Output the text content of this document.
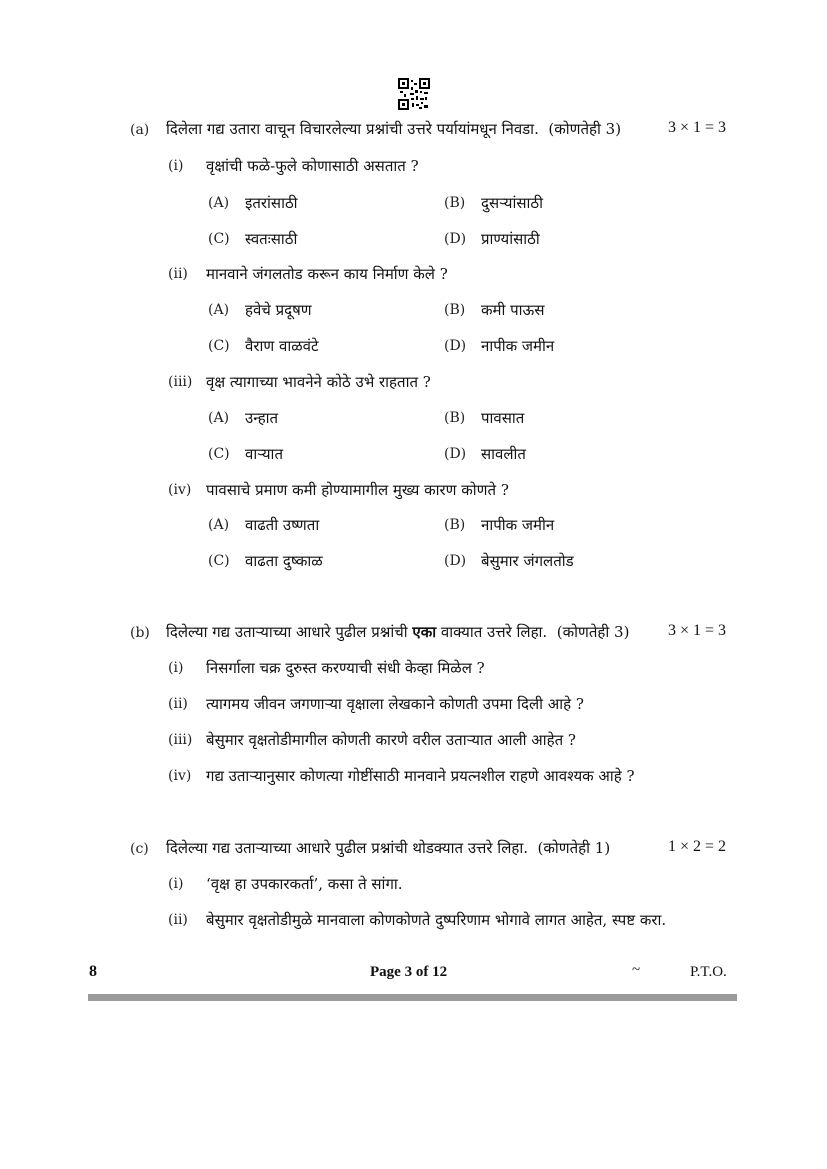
(a) दिलेला गद्य उतारा वाचून विचारलेल्या प्रश्नांची उत्तरे पर्यायांमधून निवडा. (कोणतेही 3)	3 × 1 = 3
(i) वृक्षांची फळे-फुले कोणासाठी असतात ?
(A) इतरांसाठी	(B) दुसऱ्यांसाठी
(C) स्वतःसाठी	(D) प्राण्यांसाठी
(ii) मानवाने जंगलतोड करून काय निर्माण केले ?
(A) हवेचे प्रदूषण	(B) कमी पाऊस
(C) वैराण वाळवंटे	(D) नापीक जमीन
(iii) वृक्ष त्यागाच्या भावनेने कोठे उभे राहतात ?
(A) उन्हात	(B) पावसात
(C) वाऱ्यात	(D) सावलीत
(iv) पावसाचे प्रमाण कमी होण्यामागील मुख्य कारण कोणते ?
(A) वाढती उष्णता	(B) नापीक जमीन
(C) वाढता दुष्काळ	(D) बेसुमार जंगलतोड
(b) दिलेल्या गद्य उताऱ्याच्या आधारे पुढील प्रश्नांची एका वाक्यात उत्तरे लिहा. (कोणतेही 3) 3 × 1 = 3
(i) निसर्गाला चक्र दुरुस्त करण्याची संधी केव्हा मिळेल ?
(ii) त्यागमय जीवन जगणाऱ्या वृक्षाला लेखकाने कोणती उपमा दिली आहे ?
(iii) बेसुमार वृक्षतोडीमागील कोणती कारणे वरील उताऱ्यात आली आहेत ?
(iv) गद्य उताऱ्यानुसार कोणत्या गोष्टींसाठी मानवाने प्रयत्नशील राहणे आवश्यक आहे ?
(c) दिलेल्या गद्य उताऱ्याच्या आधारे पुढील प्रश्नांची थोडक्यात उत्तरे लिहा. (कोणतेही 1)	1 × 2 = 2
(i) ‘वृक्ष हा उपकारकर्ता’, कसा ते सांगा.
(ii) बेसुमार वृक्षतोडीमुळे मानवाला कोणकोणते दुष्परिणाम भोगावे लागत आहेत, स्पष्ट करा.
8	Page 3 of 12	~	P.T.O.
